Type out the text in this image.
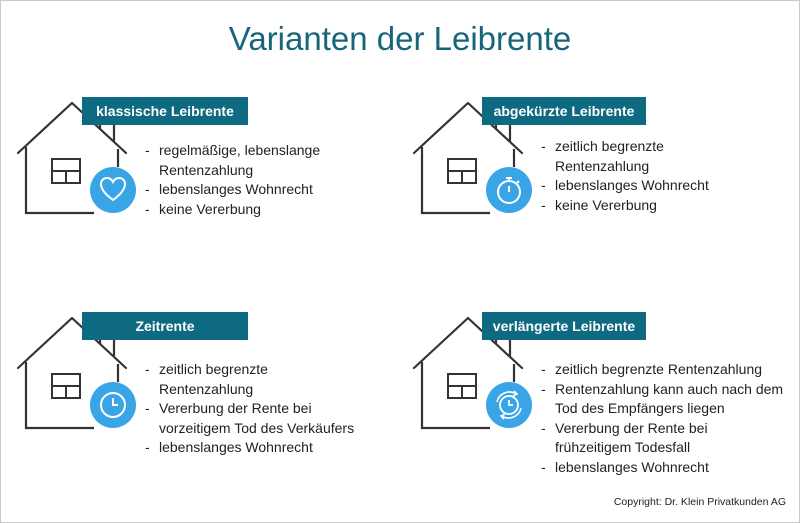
Varianten der Leibrente
klassische Leibrente
- regelmäßige, lebenslange Rentenzahlung
- lebenslanges Wohnrecht
- keine Vererbung
abgekürzte Leibrente
- zeitlich begrenzte Rentenzahlung
- lebenslanges Wohnrecht
- keine Vererbung
Zeitrente
- zeitlich begrenzte Rentenzahlung
- Vererbung der Rente bei vorzeitigem Tod des Verkäufers
- lebenslanges Wohnrecht
verlängerte Leibrente
- zeitlich begrenzte Rentenzahlung
- Rentenzahlung kann auch nach dem Tod des Empfängers liegen
- Vererbung der Rente bei frühzeitigem Todesfall
- lebenslanges Wohnrecht
Copyright: Dr. Klein Privatkunden AG
